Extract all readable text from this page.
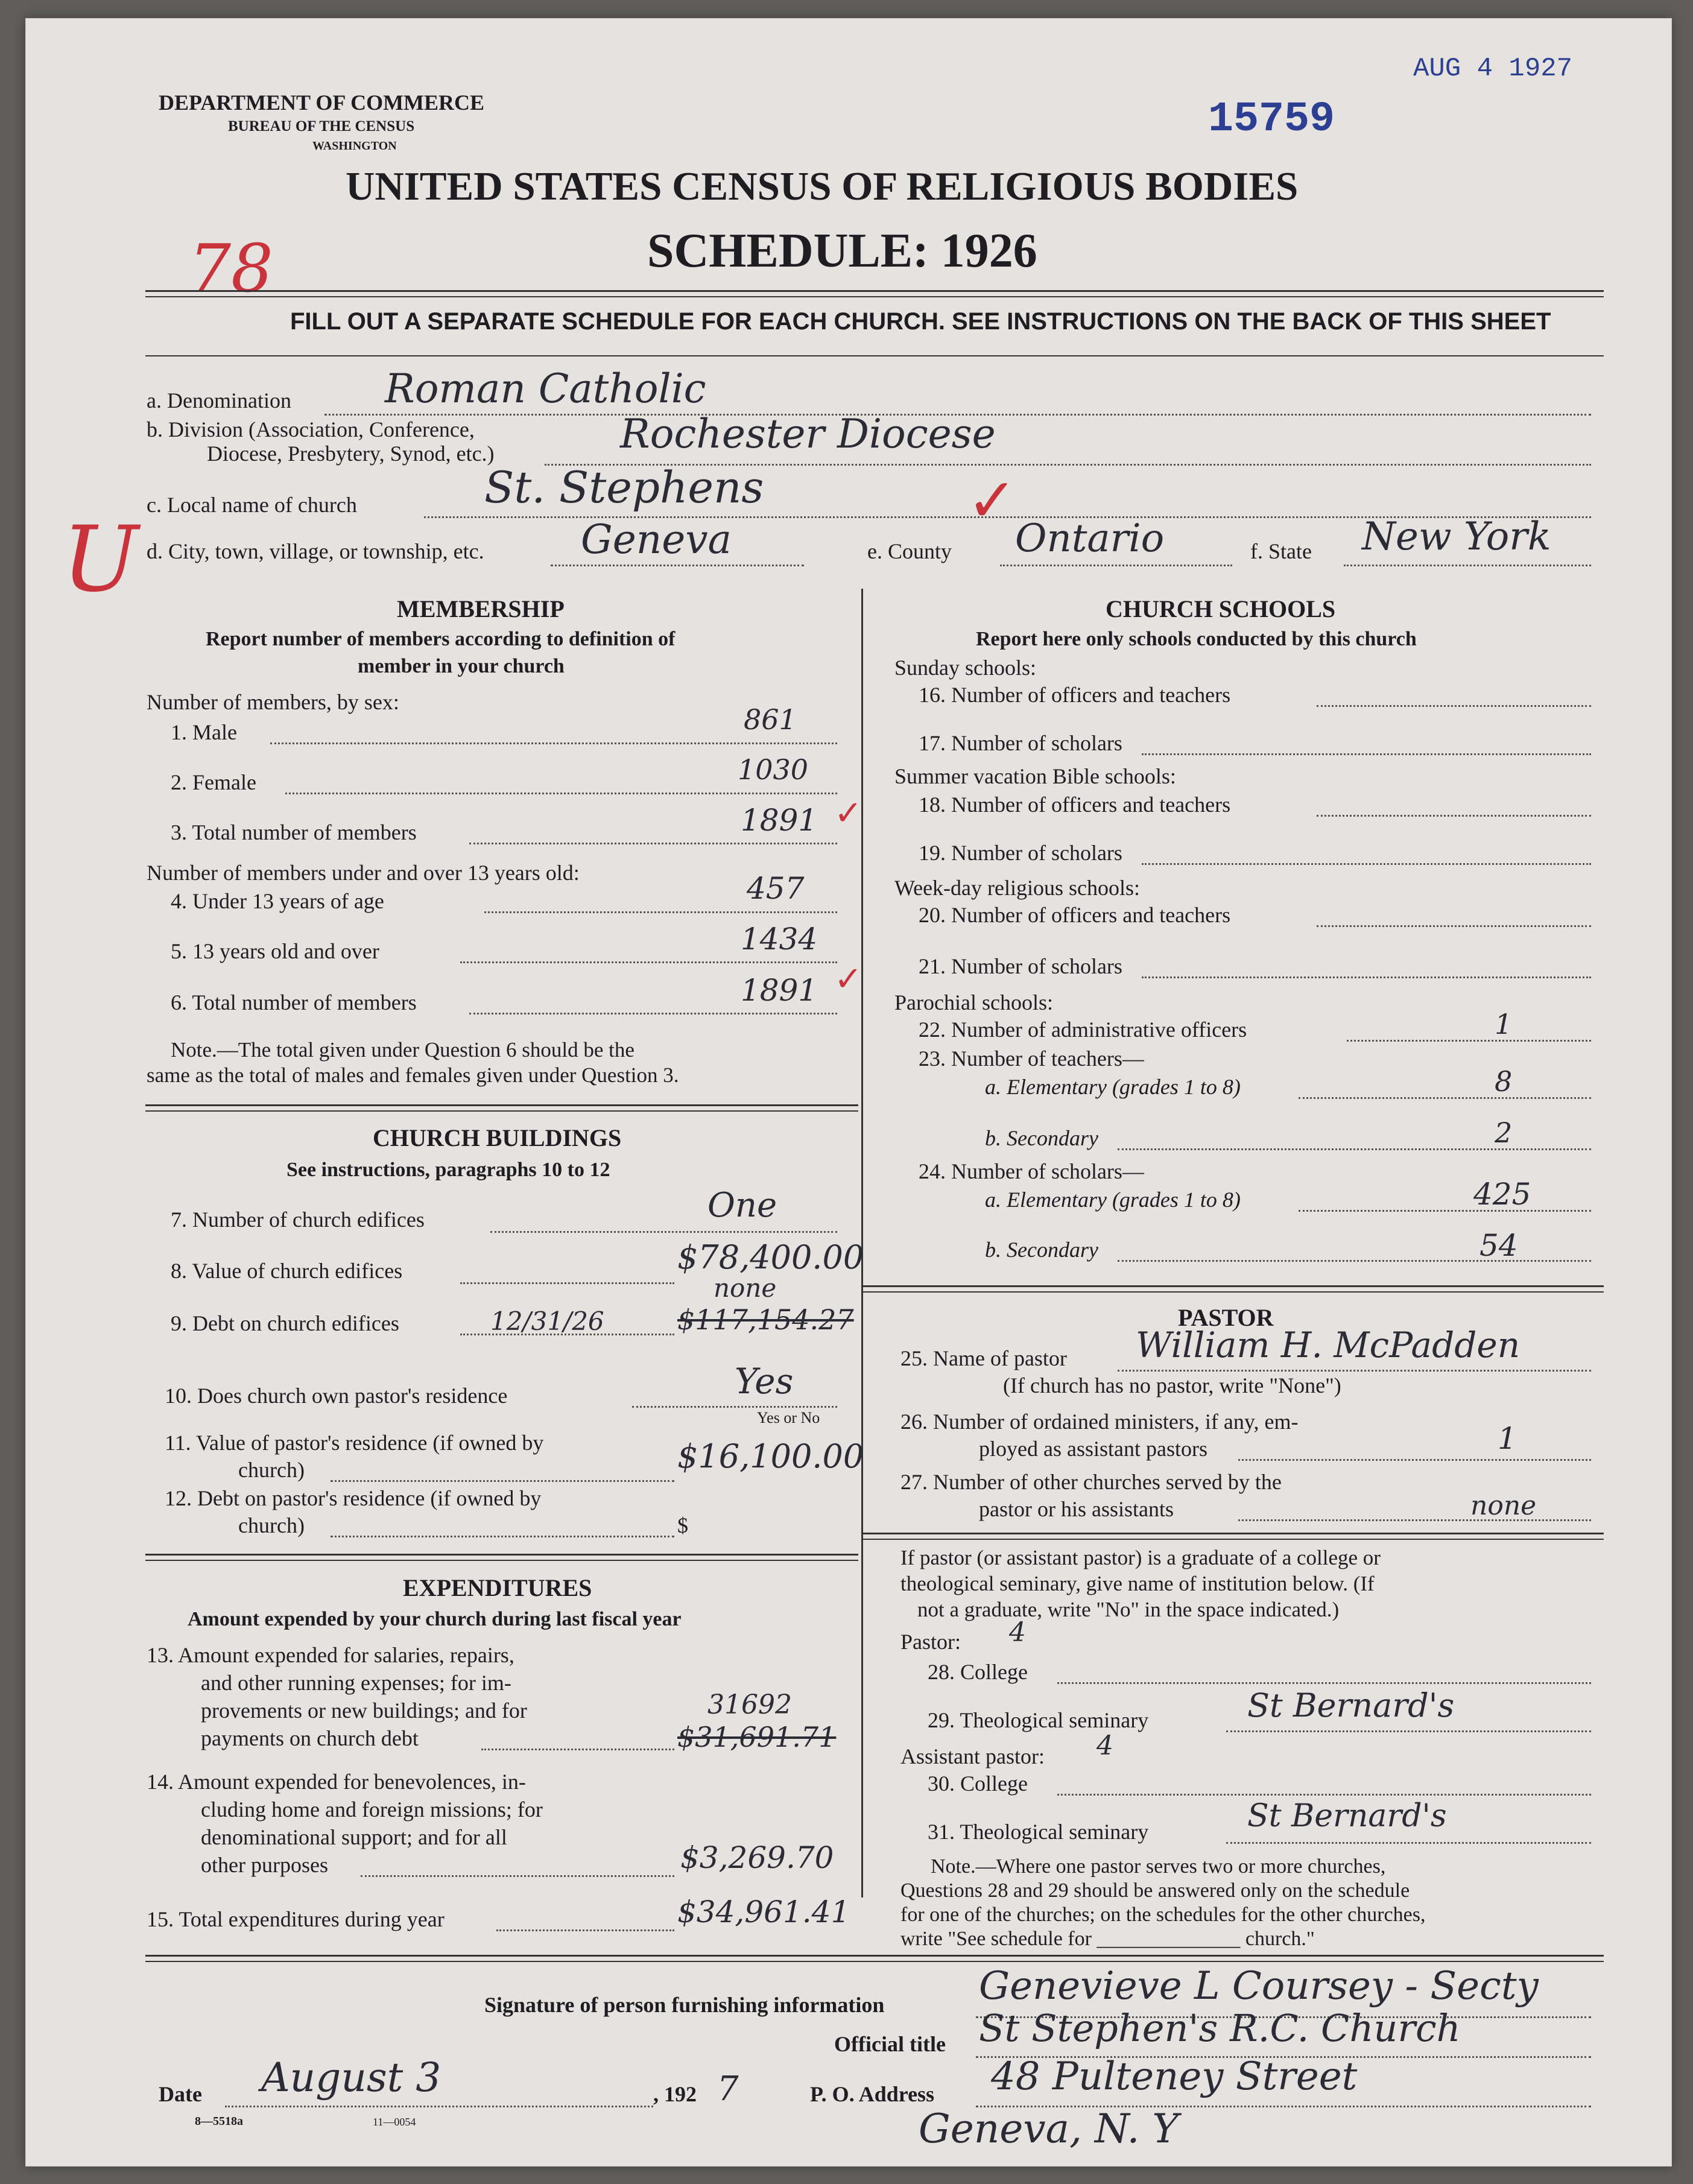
AUG 4 1927
15759
DEPARTMENT OF COMMERCE
BUREAU OF THE CENSUS
WASHINGTON
UNITED STATES CENSUS OF RELIGIOUS BODIES
SCHEDULE: 1926
78
U
FILL OUT A SEPARATE SCHEDULE FOR EACH CHURCH. SEE INSTRUCTIONS ON THE BACK OF THIS SHEET
a. Denomination Roman Catholic
b. Division (Association, Conference,
Diocese, Presbytery, Synod, etc.)	Rochester Diocese
c. Local name of church	St. Stephens	✓
d. City, town, village, or township, etc. Geneva	e. County Ontario	f. State New York
MEMBERSHIP
Report number of members according to definition of
member in your church
Number of members, by sex:
1. Male	861
2. Female	1030
3. Total number of members	1891 ✓
Number of members under and over 13 years old:
4. Under 13 years of age	457
5. 13 years old and over	1434
6. Total number of members	1891 ✓
Note.—The total given under Question 6 should be the
same as the total of males and females given under Question 3.
CHURCH BUILDINGS
See instructions, paragraphs 10 to 12
7. Number of church edifices	One
8. Value of church edifices	$78,400.00
9. Debt on church edifices	12/31/26	$117,154.27
none
10. Does church own pastor's residence	Yes
Yes or No
11. Value of pastor's residence (if owned by
church)	$16,100.00
12. Debt on pastor's residence (if owned by
church)	$
EXPENDITURES
Amount expended by your church during last fiscal year
13. Amount expended for salaries, repairs,
and other running expenses; for im-
provements or new buildings; and for
payments on church debt
31692
$31,691.71
14. Amount expended for benevolences, in-
cluding home and foreign missions; for
denominational support; and for all
other purposes	$3,269.70
15. Total expenditures during year	$34,961.41
CHURCH SCHOOLS
Report here only schools conducted by this church
Sunday schools:
16. Number of officers and teachers
17. Number of scholars
Summer vacation Bible schools:
18. Number of officers and teachers
19. Number of scholars
Week-day religious schools:
20. Number of officers and teachers
21. Number of scholars
Parochial schools:
22. Number of administrative officers	1
23. Number of teachers—
a. Elementary (grades 1 to 8)	8
b. Secondary	2
24. Number of scholars—
a. Elementary (grades 1 to 8)	425
b. Secondary	54
PASTOR
25. Name of pastor William H. McPadden
(If church has no pastor, write "None")
26. Number of ordained ministers, if any, em-
ployed as assistant pastors	1
27. Number of other churches served by the
pastor or his assistants	none
If pastor (or assistant pastor) is a graduate of a college or
theological seminary, give name of institution below. (If
not a graduate, write "No" in the space indicated.)
Pastor: 4
28. College
29. Theological seminary	St Bernard's
Assistant pastor: 4
30. College
31. Theological seminary	St Bernard's
Note.—Where one pastor serves two or more churches,
Questions 28 and 29 should be answered only on the schedule
for one of the churches; on the schedules for the other churches,
write "See schedule for ______________ church."
Signature of person furnishing information Genevieve L Coursey - Secty
Official title St Stephen's R.C. Church
Date August 3	, 192 7	P. O. Address 48 Pulteney Street
Geneva, N. Y
8—5518a	11—0054
